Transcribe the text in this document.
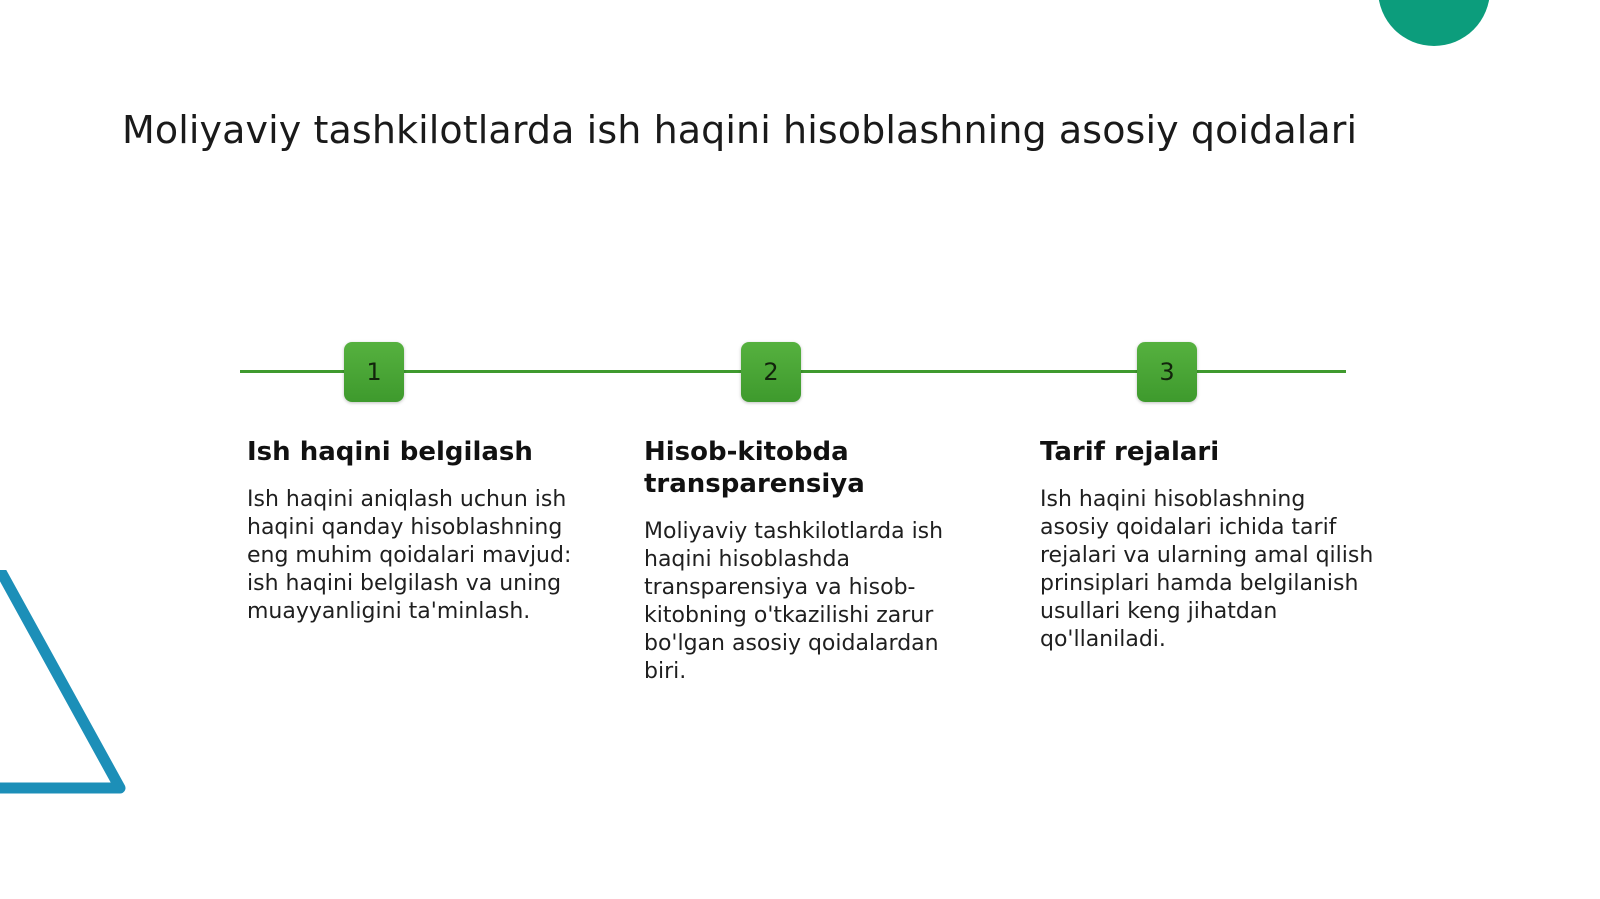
Moliyaviy tashkilotlarda ish haqini hisoblashning asosiy qoidalari
1	2	3
Ish haqini belgilash

Ish haqini aniqlash uchun ish haqini qanday hisoblashning eng muhim qoidalari mavjud: ish haqini belgilash va uning muayyanligini ta'minlash.

Hisob-kitobda transparensiya

Moliyaviy tashkilotlarda ish haqini hisoblashda transparensiya va hisob-kitobning o'tkazilishi zarur bo'lgan asosiy qoidalardan biri.

Tarif rejalari

Ish haqini hisoblashning asosiy qoidalari ichida tarif rejalari va ularning amal qilish prinsiplari hamda belgilanish usullari keng jihatdan qo'llaniladi.
